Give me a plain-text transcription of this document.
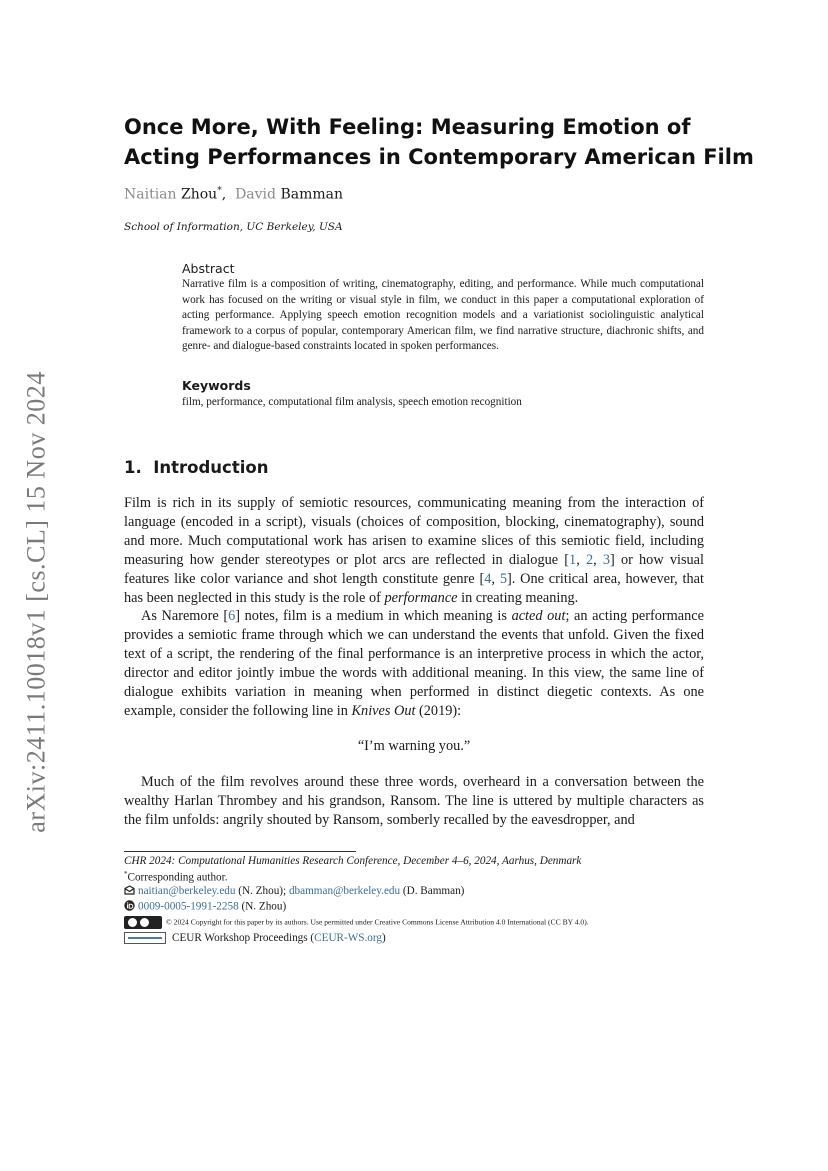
arXiv:2411.10018v1 [cs.CL] 15 Nov 2024
Once More, With Feeling: Measuring Emotion of
Acting Performances in Contemporary American Film
Naitian Zhou*,  David Bamman
School of Information, UC Berkeley, USA
Abstract
Narrative film is a composition of writing, cinematography, editing, and performance. While much computational work has focused on the writing or visual style in film, we conduct in this paper a computational exploration of acting performance. Applying speech emotion recognition models and a variationist sociolinguistic analytical framework to a corpus of popular, contemporary American film, we find narrative structure, diachronic shifts, and genre- and dialogue-based constraints located in spoken performances.
Keywords
film, performance, computational film analysis, speech emotion recognition
1. Introduction
Film is rich in its supply of semiotic resources, communicating meaning from the interaction of language (encoded in a script), visuals (choices of composition, blocking, cinematography), sound and more. Much computational work has arisen to examine slices of this semiotic field, including measuring how gender stereotypes or plot arcs are reflected in dialogue [1, 2, 3] or how visual features like color variance and shot length constitute genre [4, 5]. One critical area, however, that has been neglected in this study is the role of performance in creating meaning.
As Naremore [6] notes, film is a medium in which meaning is acted out; an acting performance provides a semiotic frame through which we can understand the events that unfold. Given the fixed text of a script, the rendering of the final performance is an interpretive process in which the actor, director and editor jointly imbue the words with additional meaning. In this view, the same line of dialogue exhibits variation in meaning when performed in distinct diegetic contexts. As one example, consider the following line in Knives Out (2019):
“I’m warning you.”
Much of the film revolves around these three words, overheard in a conversation between the wealthy Harlan Thrombey and his grandson, Ransom. The line is uttered by multiple characters as the film unfolds: angrily shouted by Ransom, somberly recalled by the eavesdropper, and
CHR 2024: Computational Humanities Research Conference, December 4–6, 2024, Aarhus, Denmark
*Corresponding author.
naitian@berkeley.edu (N. Zhou); dbamman@berkeley.edu (D. Bamman)
0009-0005-1991-2258 (N. Zhou)
© 2024 Copyright for this paper by its authors. Use permitted under Creative Commons License Attribution 4.0 International (CC BY 4.0).
CEUR Workshop Proceedings (CEUR-WS.org)
